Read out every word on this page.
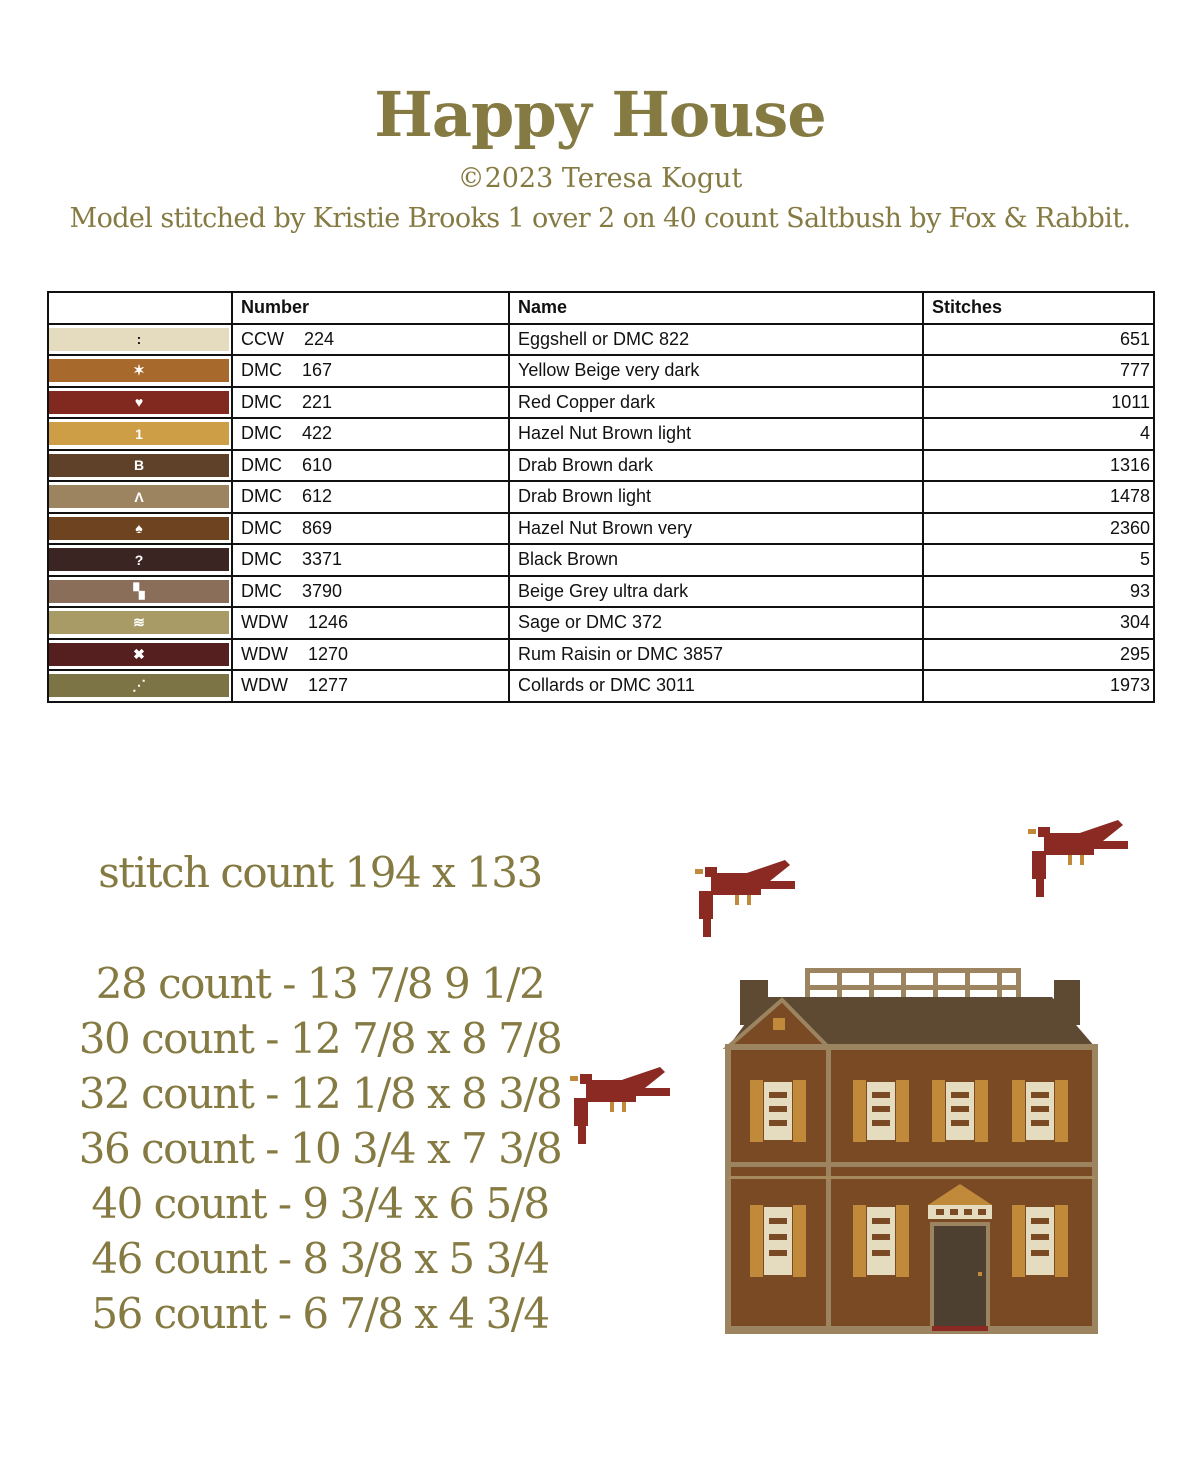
Happy House
©2023 Teresa Kogut
Model stitched by Kristie Brooks 1 over 2 on 40 count Saltbush by Fox & Rabbit.
	Number	Name	Stitches

:	CCW    224	Eggshell or DMC 822	651

✶	DMC    167	Yellow Beige very dark	777

♥	DMC    221	Red Copper dark	1011

1	DMC    422	Hazel Nut Brown light	4

B	DMC    610	Drab Brown dark	1316

Λ	DMC    612	Drab Brown light	1478

♠	DMC    869	Hazel Nut Brown very	2360

?	DMC    3371	Black Brown	5

▚	DMC    3790	Beige Grey ultra dark	93

≋	WDW    1246	Sage or DMC 372	304

✖	WDW    1270	Rum Raisin or DMC 3857	295

⋰	WDW    1277	Collards or DMC 3011	1973
stitch count 194 x 133
28 count - 13 7/8 9 1/2
30 count - 12 7/8 x 8 7/8
32 count - 12 1/8 x 8 3/8
36 count - 10 3/4 x 7 3/8
40 count - 9 3/4 x 6 5/8
46 count - 8 3/8 x 5 3/4
56 count - 6 7/8 x 4 3/4
